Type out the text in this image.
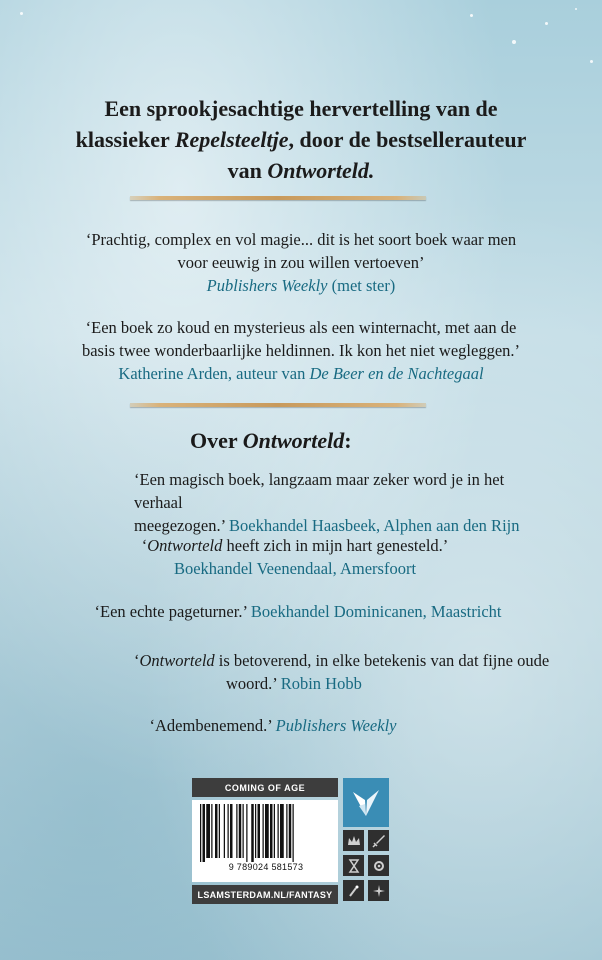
Een sprookjesachtige hervertelling van de
klassieker Repelsteeltje, door de bestsellerauteur
van Ontworteld.
‘Prachtig, complex en vol magie... dit is het soort boek waar men
voor eeuwig in zou willen vertoeven’
Publishers Weekly (met ster)
‘Een boek zo koud en mysterieus als een winternacht, met aan de
basis twee wonderbaarlijke heldinnen. Ik kon het niet wegleggen.’
Katherine Arden, auteur van De Beer en de Nachtegaal
Over Ontworteld:
‘Een magisch boek, langzaam maar zeker word je in het verhaal
meegezogen.’ Boekhandel Haasbeek, Alphen aan den Rijn
‘Ontworteld heeft zich in mijn hart genesteld.’
Boekhandel Veenendaal, Amersfoort
‘Een echte pageturner.’ Boekhandel Dominicanen, Maastricht
‘Ontworteld is betoverend, in elke betekenis van dat fijne oude
woord.’ Robin Hobb
‘Adembenemend.’ Publishers Weekly
COMING OF AGE
9 789024 581573
LSAMSTERDAM.NL/FANTASY
